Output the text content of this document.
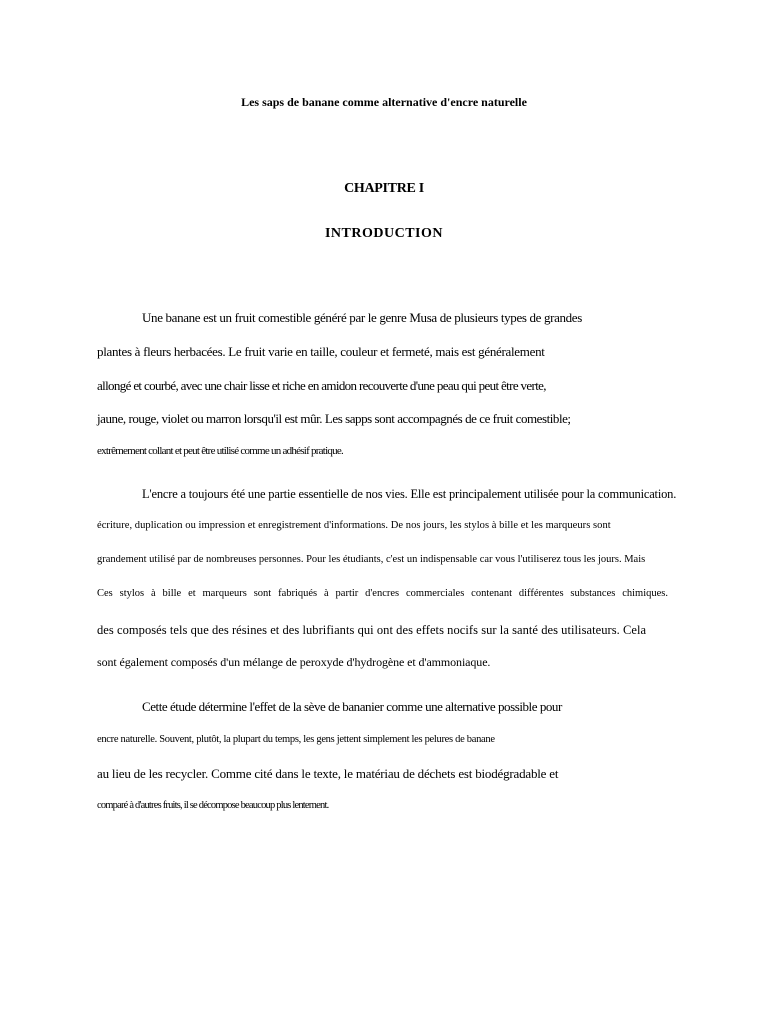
Les saps de banane comme alternative d'encre naturelle
CHAPITRE I
INTRODUCTION
Une banane est un fruit comestible généré par le genre Musa de plusieurs types de grandes
plantes à fleurs herbacées. Le fruit varie en taille, couleur et fermeté, mais est généralement
allongé et courbé, avec une chair lisse et riche en amidon recouverte d'une peau qui peut être verte,
jaune, rouge, violet ou marron lorsqu'il est mûr. Les sapps sont accompagnés de ce fruit comestible;
extrêmement collant et peut être utilisé comme un adhésif pratique.
L'encre a toujours été une partie essentielle de nos vies. Elle est principalement utilisée pour la communication.
écriture, duplication ou impression et enregistrement d'informations. De nos jours, les stylos à bille et les marqueurs sont
grandement utilisé par de nombreuses personnes. Pour les étudiants, c'est un indispensable car vous l'utiliserez tous les jours. Mais
Ces stylos à bille et marqueurs sont fabriqués à partir d'encres commerciales contenant différentes substances chimiques.
des composés tels que des résines et des lubrifiants qui ont des effets nocifs sur la santé des utilisateurs. Cela
sont également composés d'un mélange de peroxyde d'hydrogène et d'ammoniaque.
Cette étude détermine l'effet de la sève de bananier comme une alternative possible pour
encre naturelle. Souvent, plutôt, la plupart du temps, les gens jettent simplement les pelures de banane
au lieu de les recycler. Comme cité dans le texte, le matériau de déchets est biodégradable et
comparé à d'autres fruits, il se décompose beaucoup plus lentement.
